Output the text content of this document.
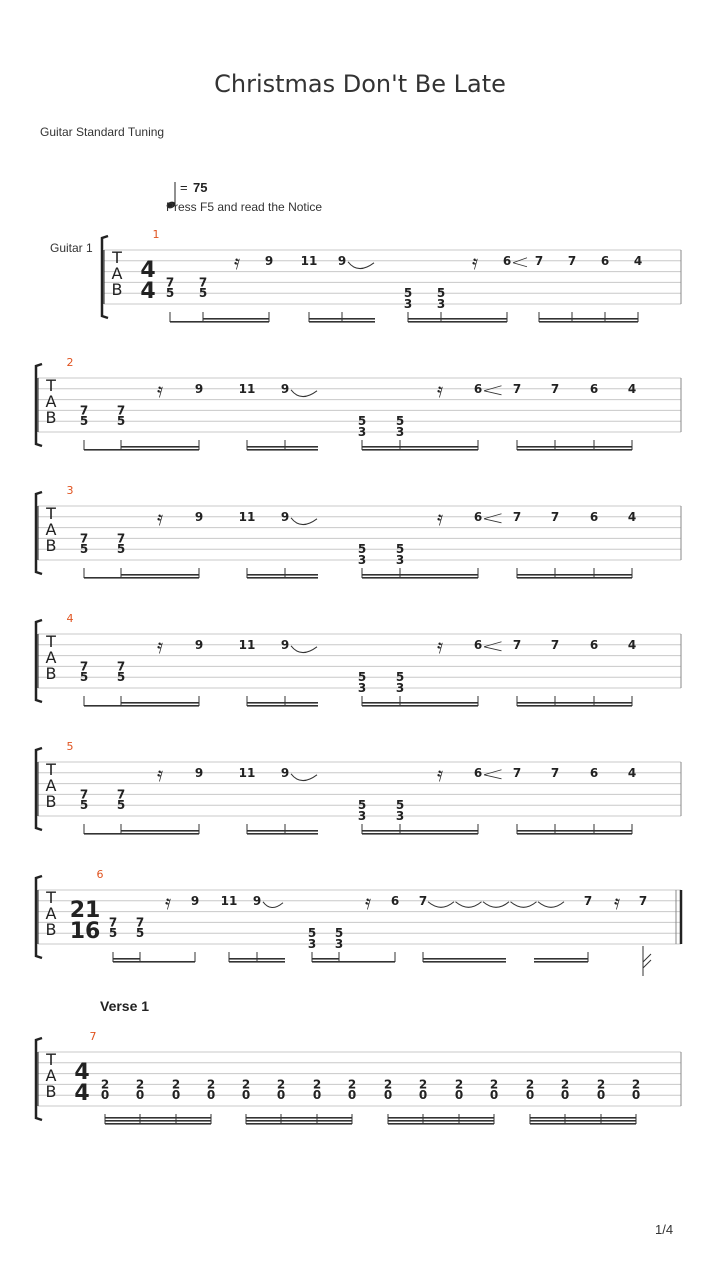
Christmas Don't Be Late
Guitar Standard Tuning
= 75
Press F5 and read the Notice
Guitar 1
Verse 1
1/4
T
A
B
1
4
4 7
5
7
5
9 11 9
5
3
5
3
6 7 7 6 4
𝄿	𝄿
T
A
B
2
7
5
7
5
9	11 9
5
3
5
3
6	7 7	6 4
𝄿	𝄿
T
A
B
3
7
5
7
5
9	11 9
5
3
5
3
6	7 7	6 4
𝄿	𝄿
T
A
B
4
7
5
7
5
9	11 9
5
3
5
3
6	7 7	6 4
𝄿	𝄿
T
A
B
5
7
5
7
5
9	11 9
5
3
5
3
6	7 7	6 4
𝄿	𝄿
T
A
B
6
21
16 7
5
7
5
9 11 9
5
3
5
3
6 7	7	7
𝄿	𝄿	𝄿
T
A
B
7
4
4 2
0
2
0
2
0
2
0
2
0
2
0
2
0
2
0
2
0
2
0
2
0
2
0
2
0
2
0
2
0
2
0
